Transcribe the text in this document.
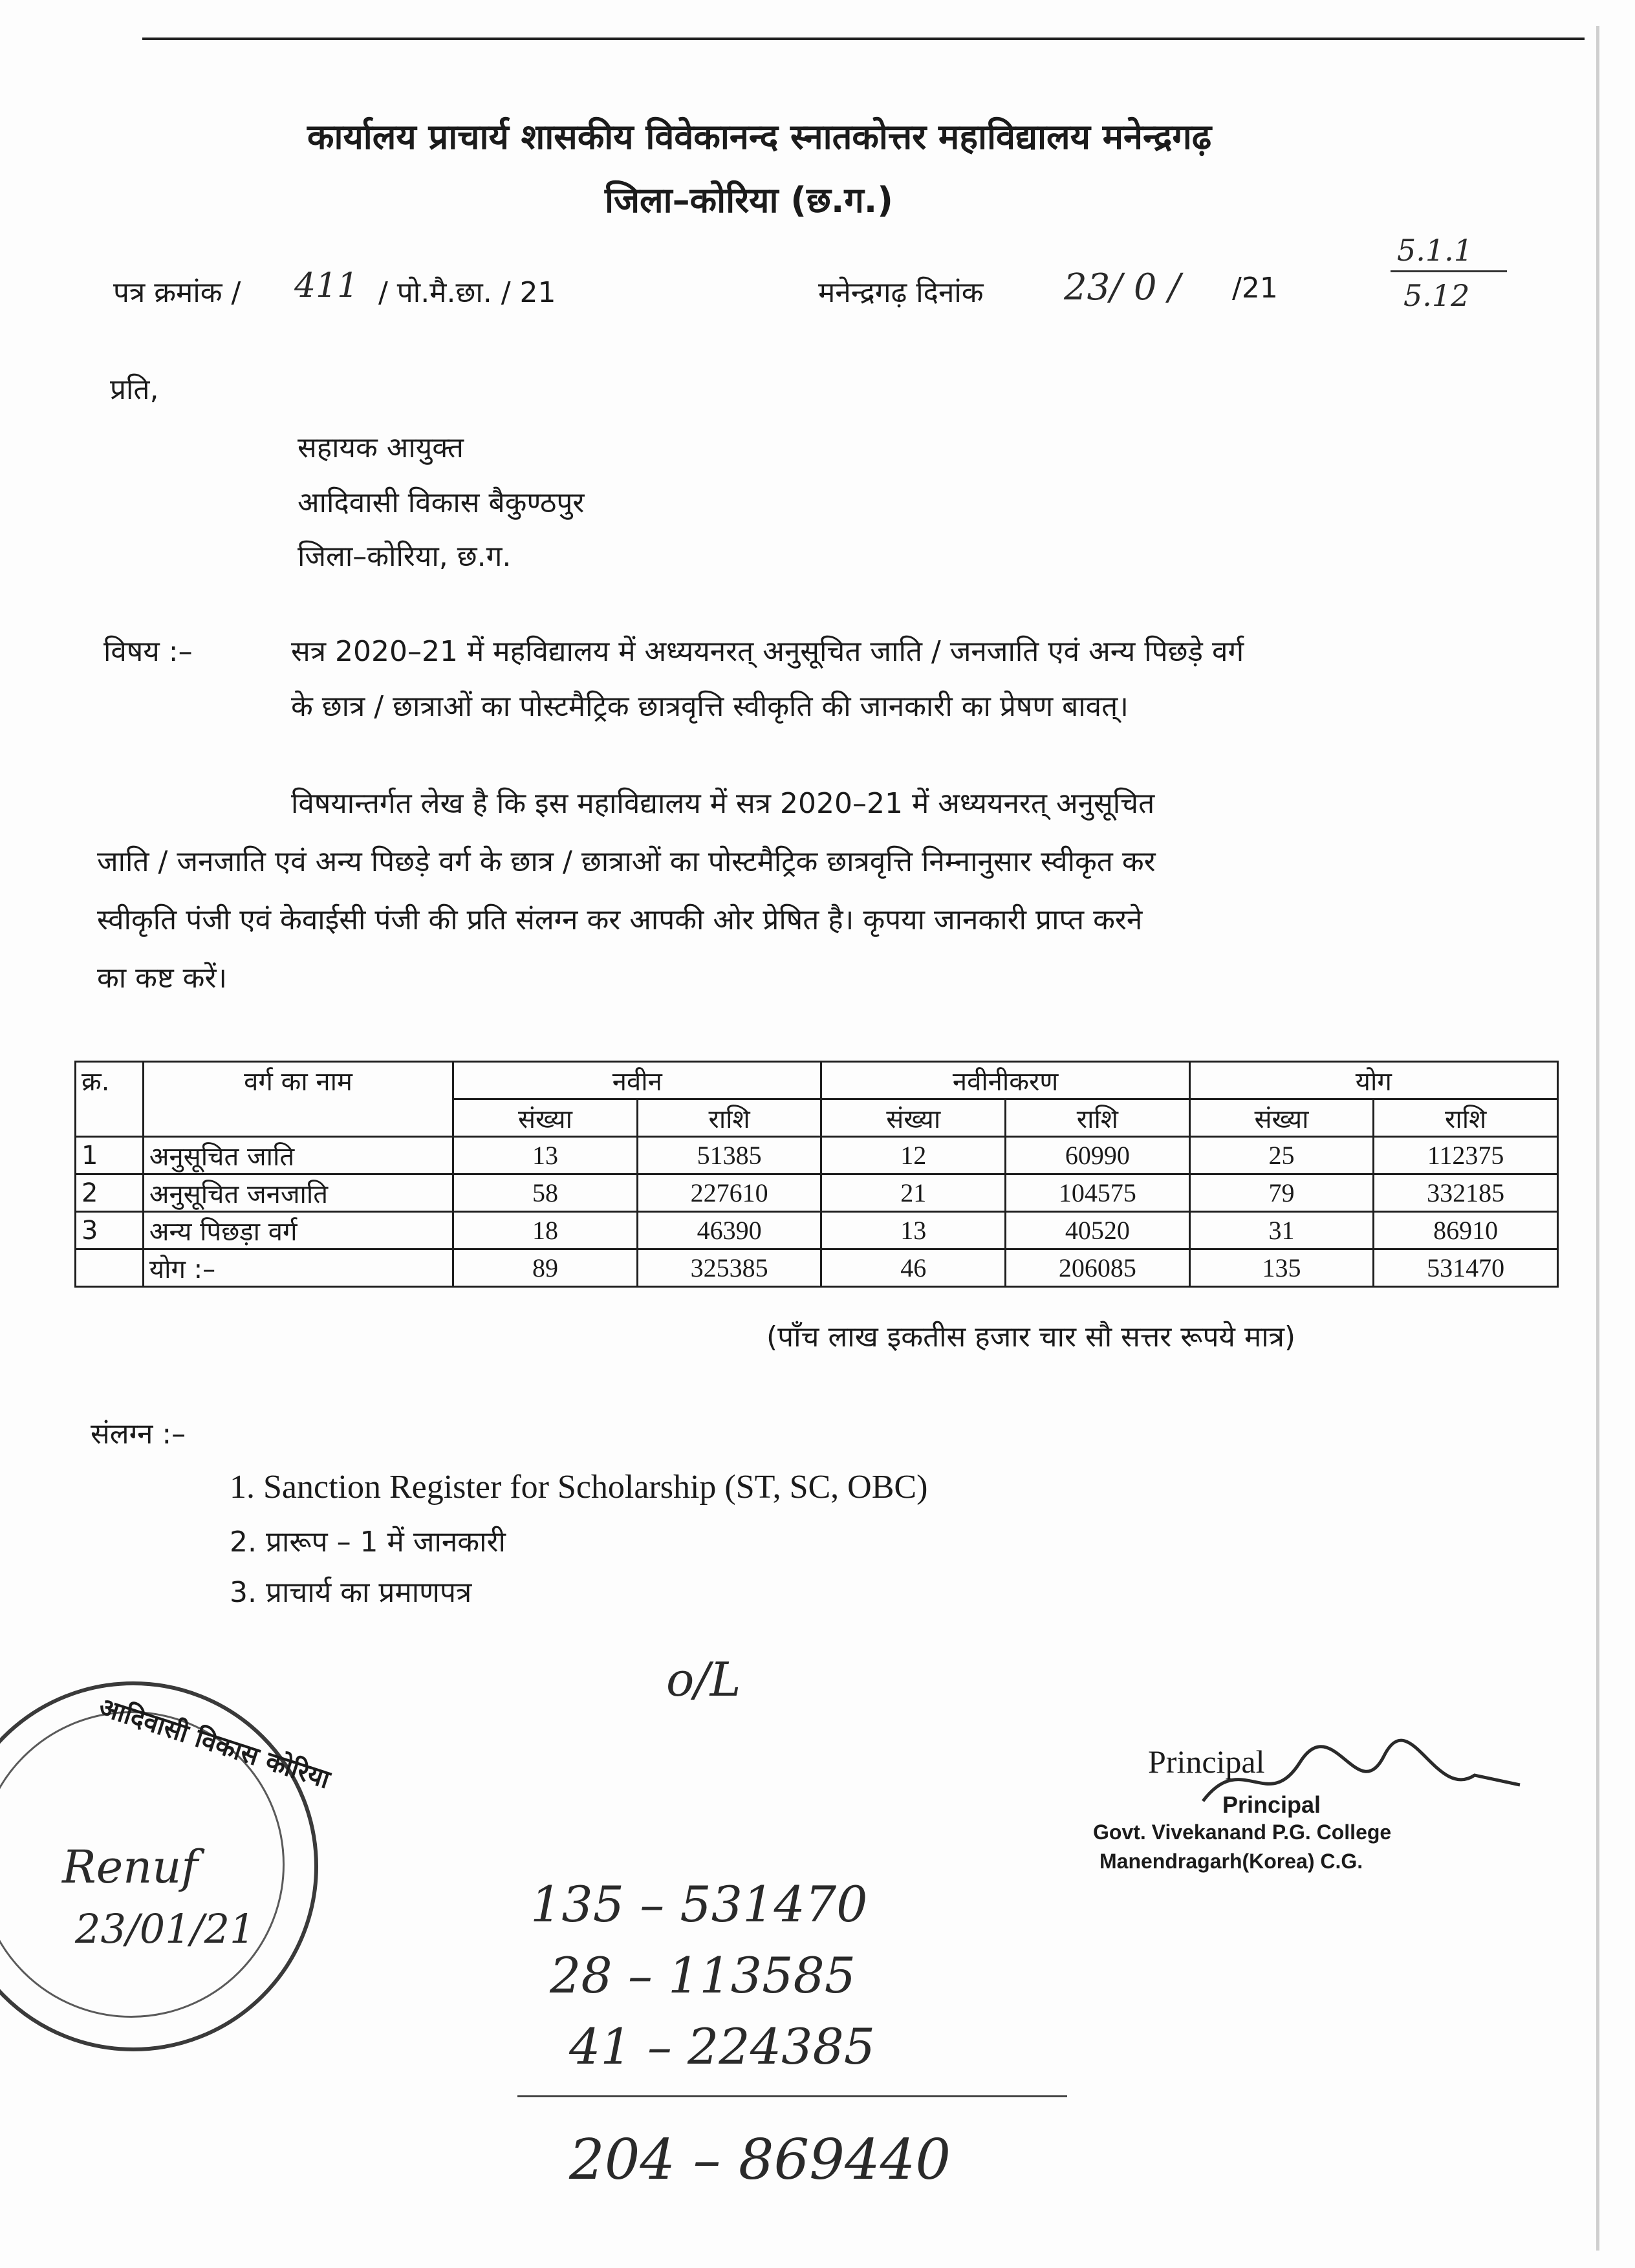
कार्यालय प्राचार्य शासकीय विवेकानन्द स्नातकोत्तर महाविद्यालय मनेन्द्रगढ़
जिला–कोरिया (छ.ग.)
5.1.1
5.12
पत्र क्रमांक / 411 / पो.मै.छा. / 21	मनेन्द्रगढ़ दिनांक 23/ 0 / /21
प्रति,
सहायक आयुक्त
आदिवासी विकास बैकुण्ठपुर
जिला–कोरिया, छ.ग.
विषय :–	सत्र 2020–21 में महविद्यालय में अध्ययनरत् अनुसूचित जाति / जनजाति एवं अन्य पिछड़े वर्ग
के छात्र / छात्राओं का पोस्टमैट्रिक छात्रवृत्ति स्वीकृति की जानकारी का प्रेषण बावत्।
विषयान्तर्गत लेख है कि इस महाविद्यालय में सत्र 2020–21 में अध्ययनरत् अनुसूचित
जाति / जनजाति एवं अन्य पिछड़े वर्ग के छात्र / छात्राओं का पोस्टमैट्रिक छात्रवृत्ति निम्नानुसार स्वीकृत कर
स्वीकृति पंजी एवं केवाईसी पंजी की प्रति संलग्न कर आपकी ओर प्रेषित है। कृपया जानकारी प्राप्त करने
का कष्ट करें।
क्र.	वर्ग का नाम	नवीन		नवीनीकरण		योग	
		संख्या	राशि	संख्या	राशि	संख्या	राशि
1	अनुसूचित जाति	13	51385	12	60990	25	112375
2	अनुसूचित जनजाति	58	227610	21	104575	79	332185
3	अन्य पिछड़ा वर्ग	18	46390	13	40520	31	86910
	योग :–	89	325385	46	206085	135	531470
(पाँच लाख इकतीस हजार चार सौ सत्तर रूपये मात्र)
संलग्न :–
1. Sanction Register for Scholarship (ST, SC, OBC)
2. प्रारूप – 1 में जानकारी
3. प्राचार्य का प्रमाणपत्र
o/L
Principal
Principal
Govt. Vivekanand P.G. College
Manendragarh(Korea) C.G.
आदिवासी विकास कोरिया
Renuf
23/01/21	135 – 531470
28 – 113585
41 – 224385
204 – 869440
